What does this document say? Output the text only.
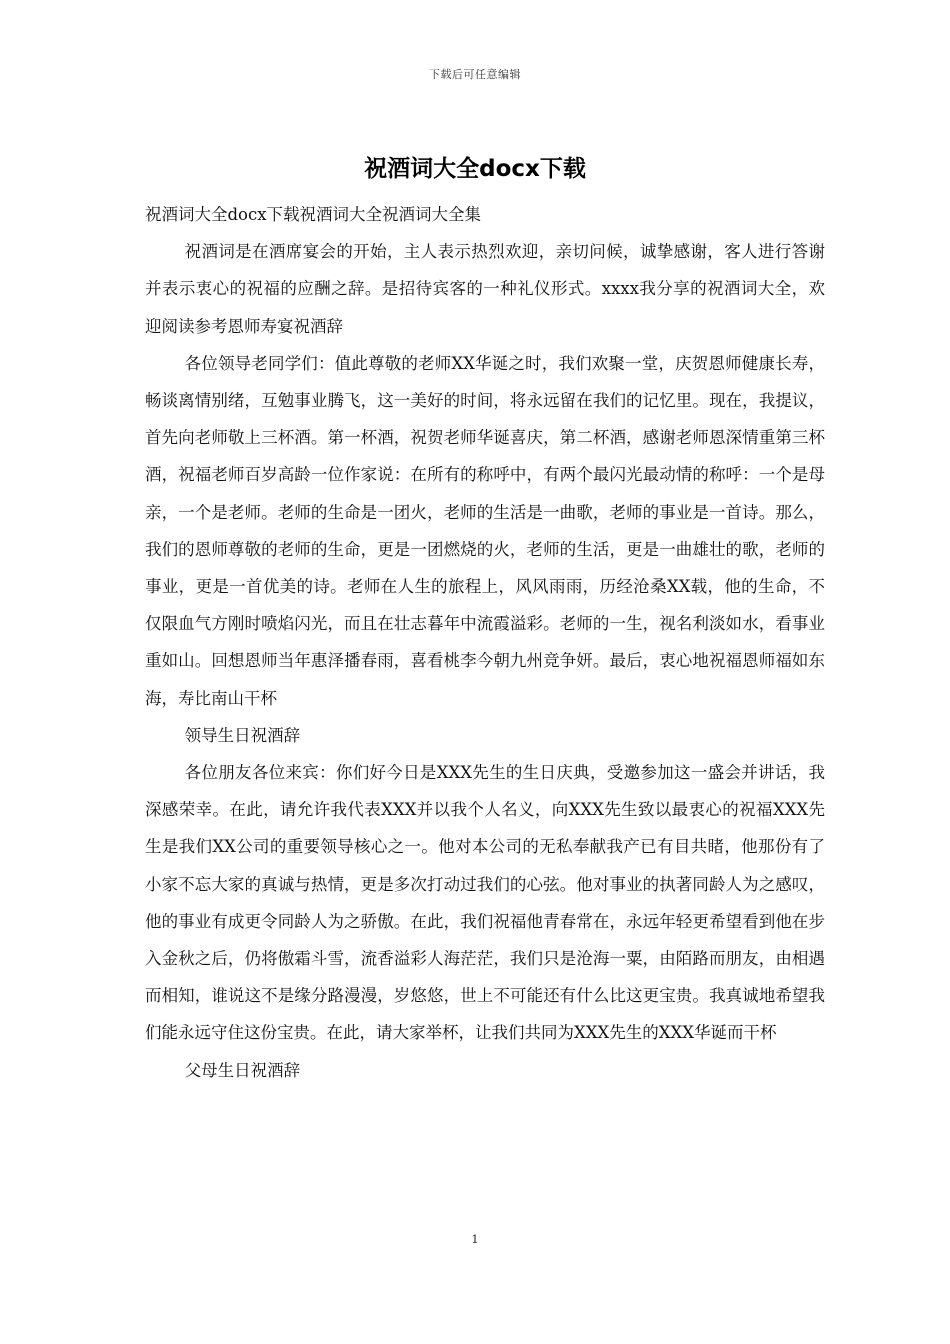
下载后可任意编辑
祝酒词大全docx下载

祝酒词大全docx下载祝酒词大全祝酒词大全集

祝酒词是在酒席宴会的开始，主人表示热烈欢迎，亲切问候，诚挚感谢，客人进行答谢并表示衷心的祝福的应酬之辞。是招待宾客的一种礼仪形式。xxxx我分享的祝酒词大全，欢迎阅读参考恩师寿宴祝酒辞

各位领导老同学们：值此尊敬的老师XX华诞之时，我们欢聚一堂，庆贺恩师健康长寿，畅谈离情别绪，互勉事业腾飞，这一美好的时间，将永远留在我们的记忆里。现在，我提议，首先向老师敬上三杯酒。第一杯酒，祝贺老师华诞喜庆，第二杯酒，感谢老师恩深情重第三杯酒，祝福老师百岁高龄一位作家说：在所有的称呼中，有两个最闪光最动情的称呼：一个是母亲，一个是老师。老师的生命是一团火，老师的生活是一曲歌，老师的事业是一首诗。那么，我们的恩师尊敬的老师的生命，更是一团燃烧的火，老师的生活，更是一曲雄壮的歌，老师的事业，更是一首优美的诗。老师在人生的旅程上，风风雨雨，历经沧桑XX载，他的生命，不仅限血气方刚时喷焰闪光，而且在壮志暮年中流霞溢彩。老师的一生，视名利淡如水，看事业重如山。回想恩师当年惠泽播春雨，喜看桃李今朝九州竞争妍。最后，衷心地祝福恩师福如东海，寿比南山干杯

领导生日祝酒辞

各位朋友各位来宾：你们好今日是XXX先生的生日庆典，受邀参加这一盛会并讲话，我深感荣幸。在此，请允许我代表XXX并以我个人名义，向XXX先生致以最衷心的祝福XXX先生是我们XX公司的重要领导核心之一。他对本公司的无私奉献我产已有目共睹，他那份有了小家不忘大家的真诚与热情，更是多次打动过我们的心弦。他对事业的执著同龄人为之感叹，他的事业有成更令同龄人为之骄傲。在此，我们祝福他青春常在，永远年轻更希望看到他在步入金秋之后，仍将傲霜斗雪，流香溢彩人海茫茫，我们只是沧海一粟，由陌路而朋友，由相遇而相知，谁说这不是缘分路漫漫，岁悠悠，世上不可能还有什么比这更宝贵。我真诚地希望我们能永远守住这份宝贵。在此，请大家举杯，让我们共同为XXX先生的XXX华诞而干杯

父母生日祝酒辞

1
